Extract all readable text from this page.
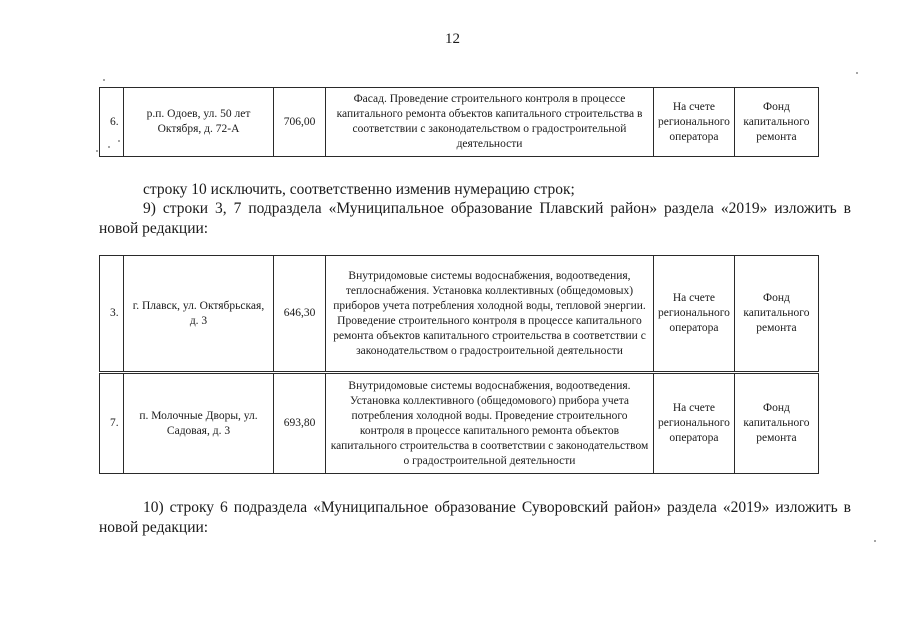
12
6.	р.п. Одоев, ул. 50 лет Октября, д. 72-А	706,00	Фасад. Проведение строительного контроля в процессе капитального ремонта объектов капитального строительства в соответствии с законодательством о градостроительной деятельности	На счете регионального оператора	Фонд капитального ремонта
строку 10 исключить, соответственно изменив нумерацию строк;
9) строки 3, 7 подраздела «Муниципальное образование Плавский район» раздела «2019» изложить в новой редакции:
3.	г. Плавск, ул. Октябрьская, д. 3	646,30	Внутридомовые системы водоснабжения, водоотведения, теплоснабжения. Установка коллективных (общедомовых) приборов учета потребления холодной воды, тепловой энергии. Проведение строительного контроля в процессе капитального ремонта объектов капитального строительства в соответствии с законодательством о градостроительной деятельности	На счете регионального оператора	Фонд капитального ремонта
7.	п. Молочные Дворы, ул. Садовая, д. 3	693,80	Внутридомовые системы водоснабжения, водоотведения. Установка коллективного (общедомового) прибора учета потребления холодной воды. Проведение строительного контроля в процессе капитального ремонта объектов капитального строительства в соответствии с законодательством о градостроительной деятельности	На счете регионального оператора	Фонд капитального ремонта
10) строку 6 подраздела «Муниципальное образование Суворовский район» раздела «2019» изложить в новой редакции:
